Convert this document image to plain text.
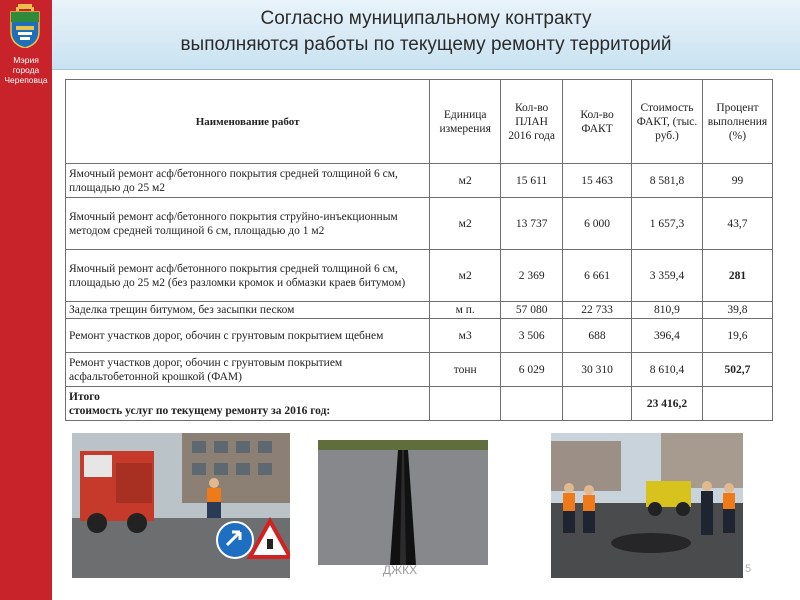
Мэрия
города
Череповца
Согласно муниципальному контракту
выполняются работы по текущему ремонту территорий
Наименование работ	Единица измерения	Кол-во ПЛАН 2016 года	Кол-во ФАКТ	Стоимость ФАКТ, (тыс. руб.)	Процент выполнения (%)
Ямочный ремонт асф/бетонного покрытия средней толщиной 6 см, площадью до 25 м2	м2	15 611	15 463	8 581,8	99
Ямочный ремонт асф/бетонного покрытия струйно-инъекционным методом средней толщиной 6 см, площадью до 1 м2	м2	13 737	6 000	1 657,3	43,7
Ямочный ремонт асф/бетонного покрытия средней толщиной 6 см, площадью до 25 м2 (без разломки кромок и обмазки краев битумом)	м2	2 369	6 661	3 359,4	281
Заделка трещин битумом, без засыпки песком	м п.	57 080	22 733	810,9	39,8
Ремонт участков дорог, обочин с грунтовым покрытием щебнем	м3	3 506	688	396,4	19,6
Ремонт участков дорог, обочин с грунтовым покрытием асфальтобетонной крошкой (ФАМ)	тонн	6 029	30 310	8 610,4	502,7

Итого
стоимость услуг по текущему ремонту за 2016 год:				23 416,2	
ДЖКХ	5
